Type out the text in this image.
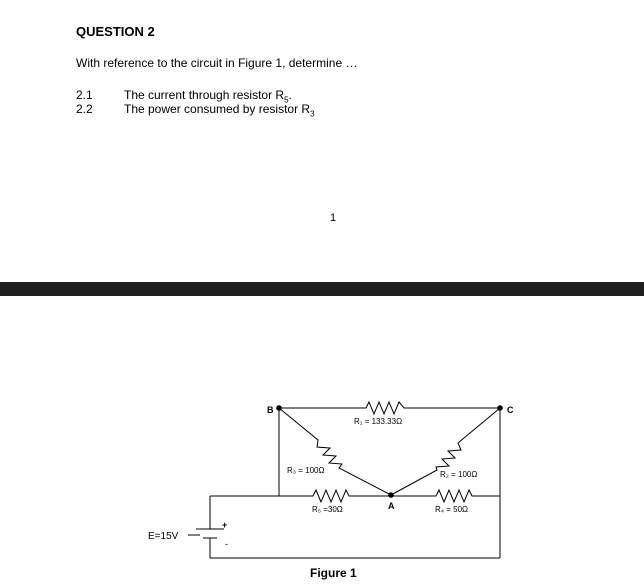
QUESTION 2
With reference to the circuit in Figure 1, determine …
2.1	The current through resistor $R_5$.
2.2	The power consumed by resistor $R_3$
1
B	C
A
R₁ = 133.33Ω
R₃ = 100Ω	R₂ = 100Ω
R₅ =30Ω	R₄ = 50Ω
+
-
E=15V
Figure 1
